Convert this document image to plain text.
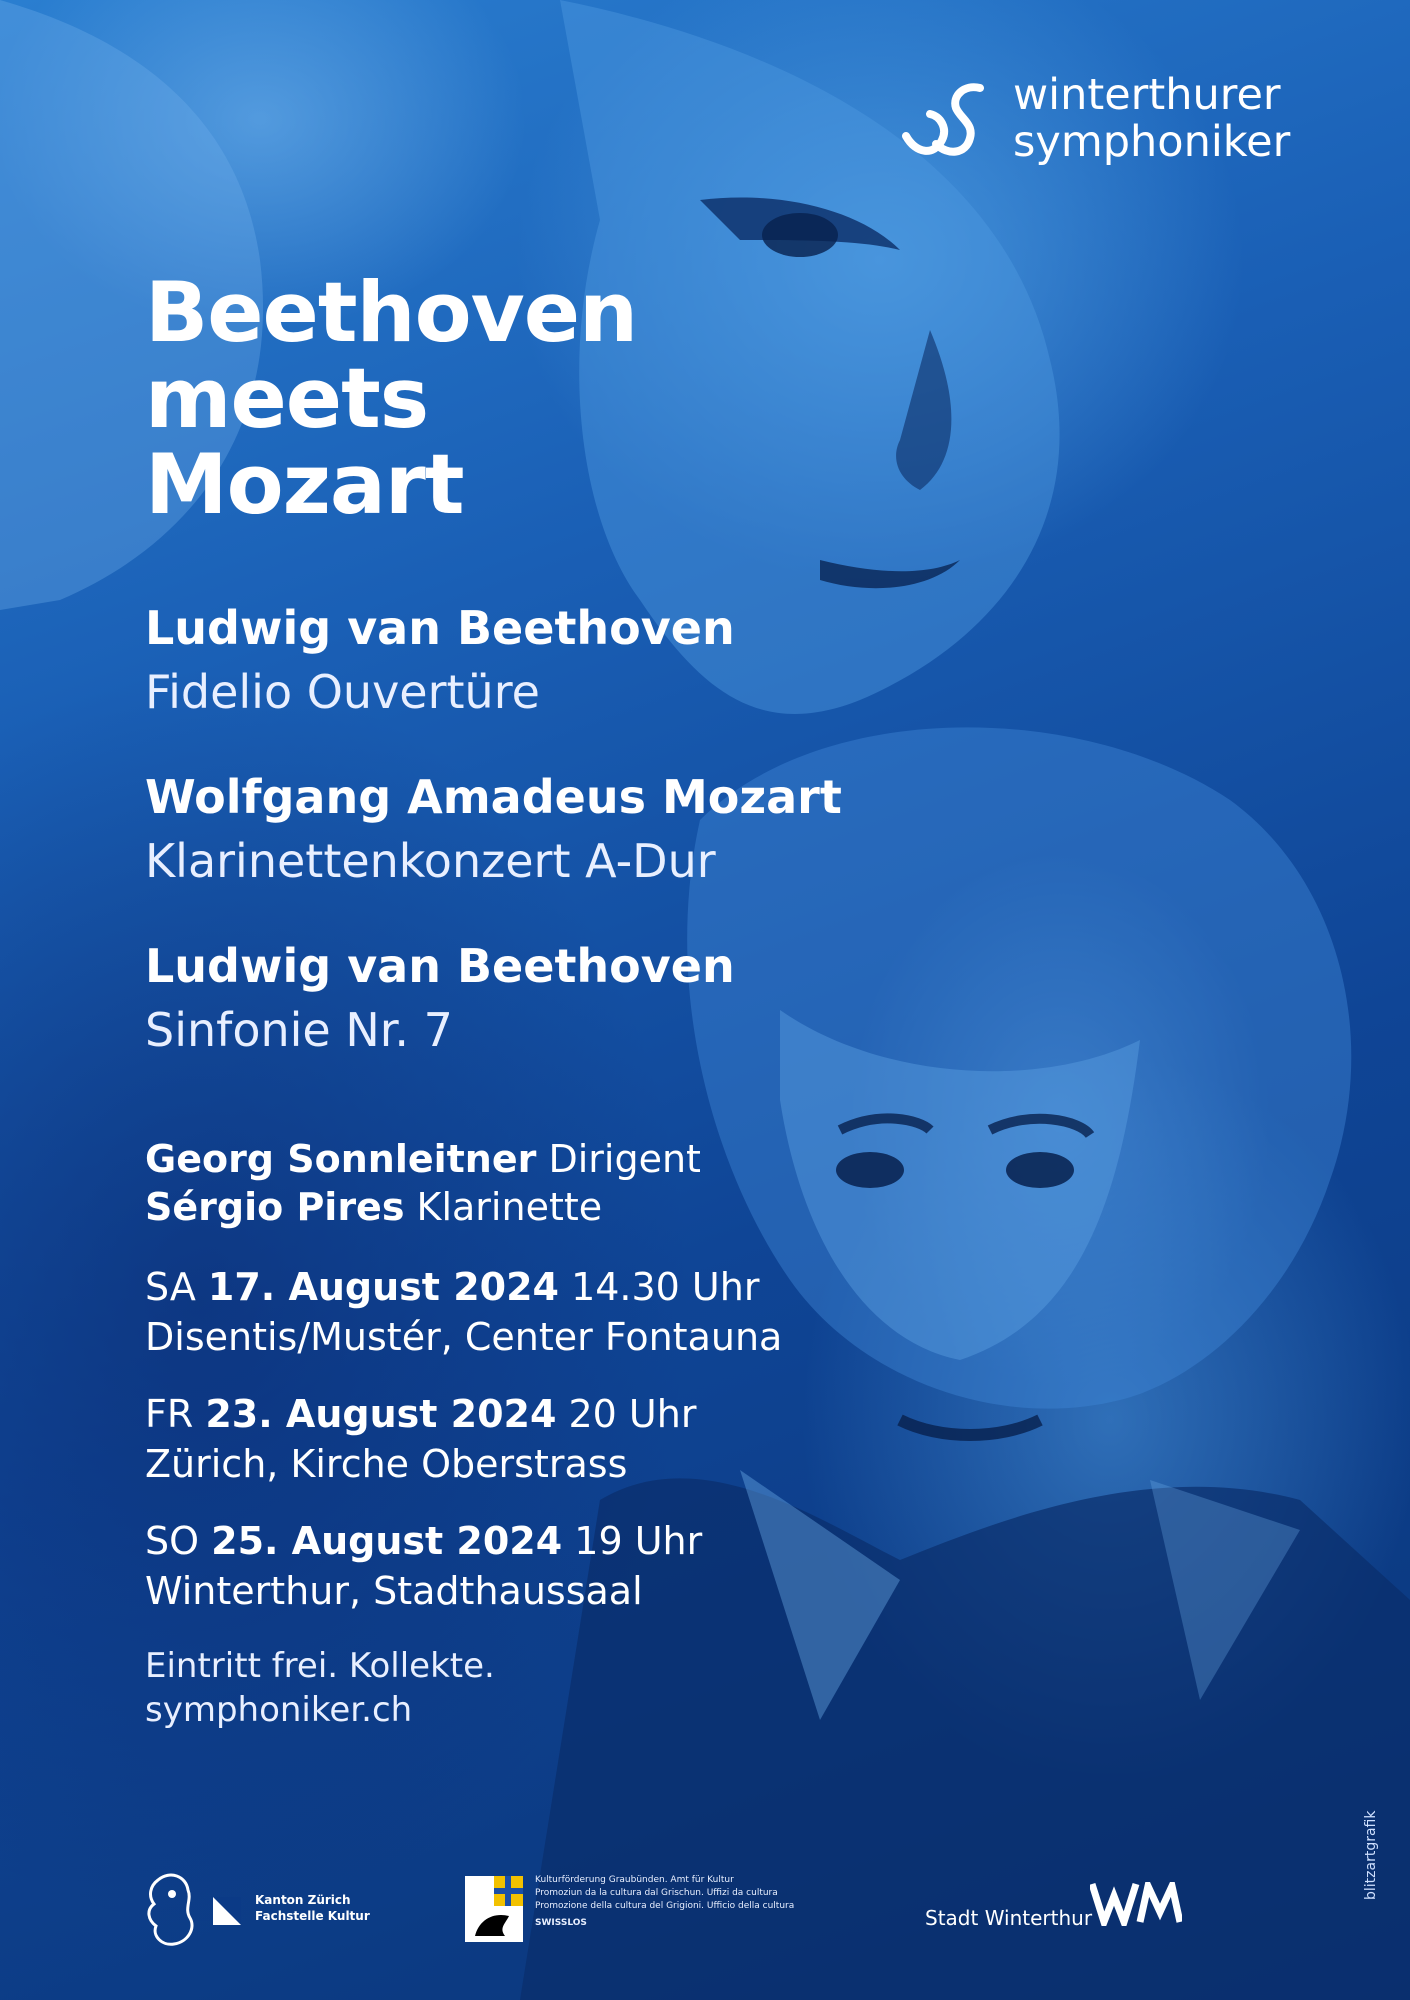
winterthurer
symphoniker
Beethoven
meets
Mozart
Ludwig van Beethoven
Fidelio Ouvertüre
Wolfgang Amadeus Mozart
Klarinettenkonzert A-Dur
Ludwig van Beethoven
Sinfonie Nr. 7
Georg Sonnleitner Dirigent
Sérgio Pires Klarinette
SA 17. August 2024 14.30 Uhr
Disentis/Mustér, Center Fontauna
FR 23. August 2024 20 Uhr
Zürich, Kirche Oberstrass
SO 25. August 2024 19 Uhr
Winterthur, Stadthaussaal
Eintritt frei. Kollekte.
symphoniker.ch
Kanton Zürich
Fachstelle Kultur
Kulturförderung Graubünden. Amt für Kultur
Promoziun da la cultura dal Grischun. Uffizi da cultura
Promozione della cultura del Grigioni. Ufficio della cultura
SWISSLOS	Stadt Winterthur
blitzartgrafik
